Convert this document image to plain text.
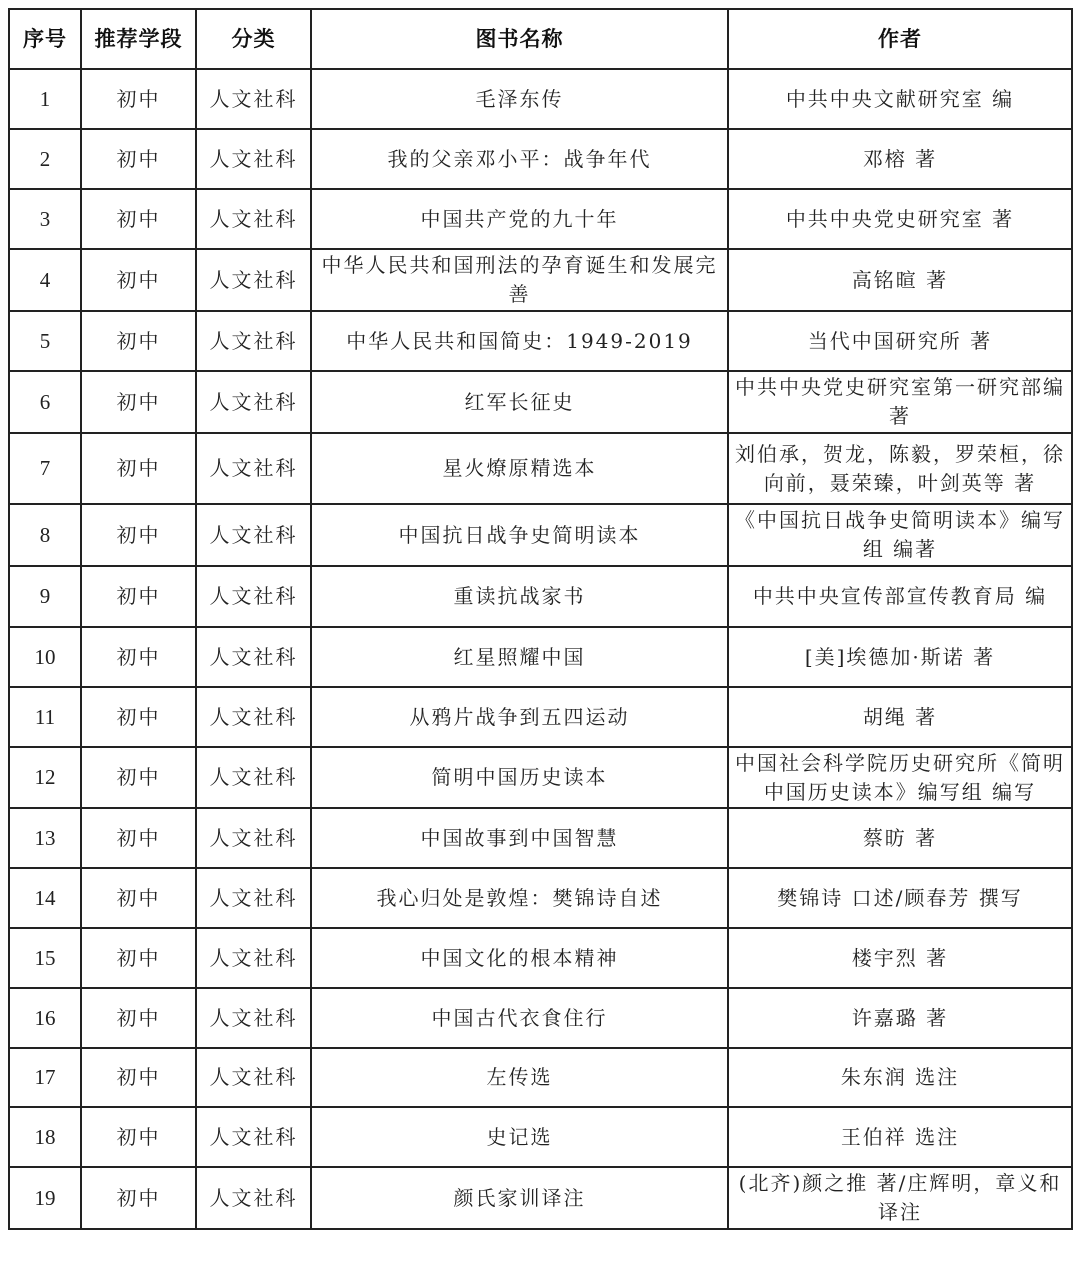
序号	推荐学段	分类	图书名称	作者
1	初中	人文社科	毛泽东传	中共中央文献研究室 编
2	初中	人文社科	我的父亲邓小平：战争年代	邓榕 著
3	初中	人文社科	中国共产党的九十年	中共中央党史研究室 著
4	初中	人文社科	中华人民共和国刑法的孕育诞生和发展完善	高铭暄 著
5	初中	人文社科	中华人民共和国简史：1949-2019	当代中国研究所 著
6	初中	人文社科	红军长征史	中共中央党史研究室第一研究部编著
7	初中	人文社科	星火燎原精选本	刘伯承，贺龙，陈毅，罗荣桓，徐向前，聂荣臻，叶剑英等 著
8	初中	人文社科	中国抗日战争史简明读本	《中国抗日战争史简明读本》编写组 编著
9	初中	人文社科	重读抗战家书	中共中央宣传部宣传教育局 编
10	初中	人文社科	红星照耀中国	[美]埃德加·斯诺 著
11	初中	人文社科	从鸦片战争到五四运动	胡绳 著
12	初中	人文社科	简明中国历史读本	中国社会科学院历史研究所《简明中国历史读本》编写组 编写
13	初中	人文社科	中国故事到中国智慧	蔡昉 著
14	初中	人文社科	我心归处是敦煌：樊锦诗自述	樊锦诗 口述/顾春芳 撰写
15	初中	人文社科	中国文化的根本精神	楼宇烈 著
16	初中	人文社科	中国古代衣食住行	许嘉璐 著
17	初中	人文社科	左传选	朱东润 选注
18	初中	人文社科	史记选	王伯祥 选注
19	初中	人文社科	颜氏家训译注	(北齐)颜之推 著/庄辉明，章义和 译注
